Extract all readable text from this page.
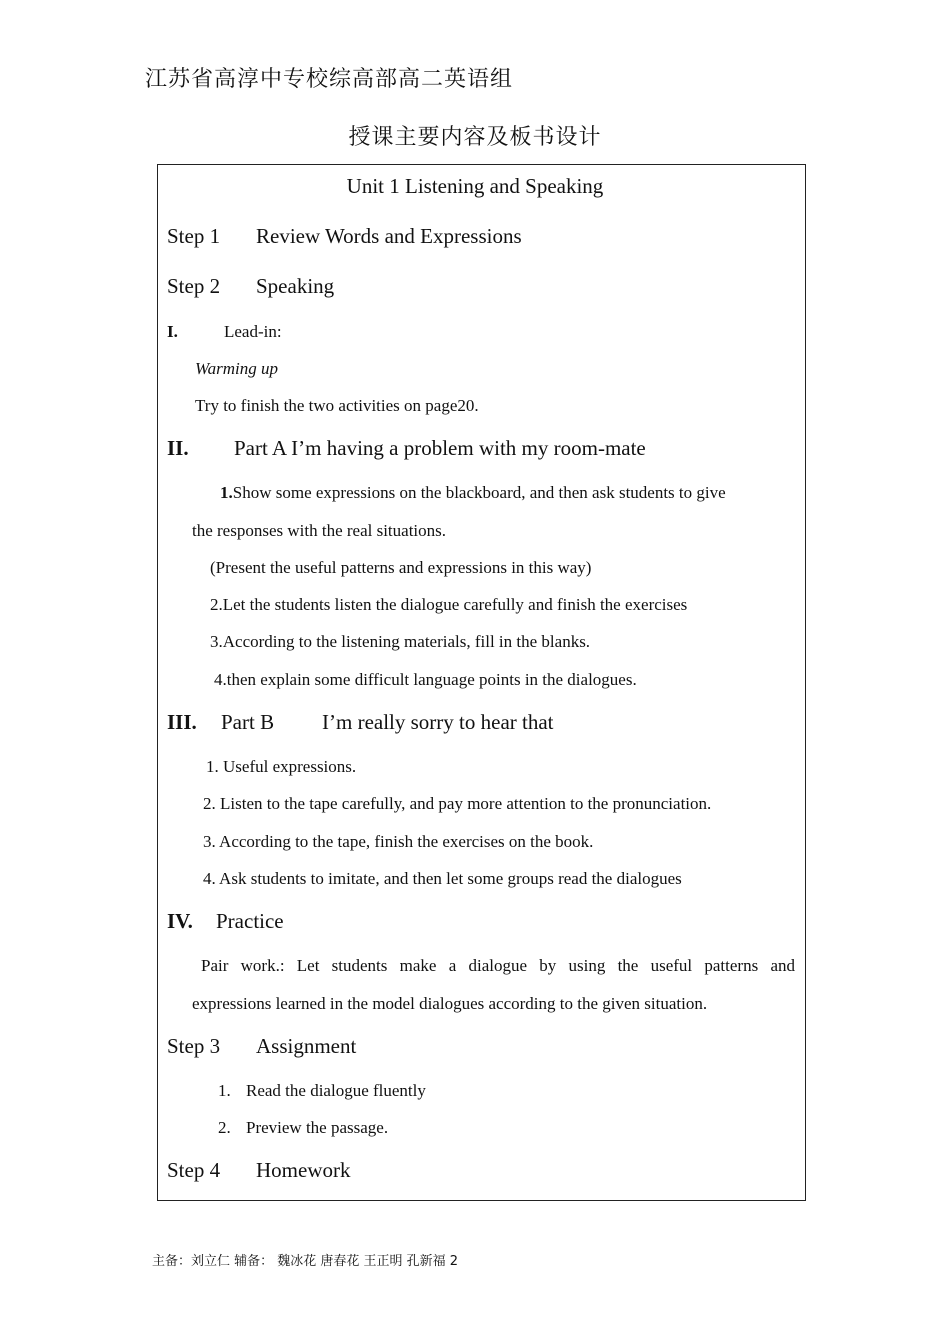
江苏省高淳中专校综高部高二英语组
授课主要内容及板书设计
Unit 1 Listening and Speaking
Step 1 Review Words and Expressions
Step 2 Speaking
I.	Lead-in:
Warming up
Try to finish the two activities on page20.
II. Part A I’m having a problem with my room-mate
1.Show some expressions on the blackboard, and then ask students to give
the responses with the real situations.
(Present the useful patterns and expressions in this way)
2.Let the students listen the dialogue carefully and finish the exercises
3.According to the listening materials, fill in the blanks.
4.then explain some difficult language points in the dialogues.
III. Part B I’m really sorry to hear that
1. Useful expressions.
2. Listen to the tape carefully, and pay more attention to the pronunciation.
3. According to the tape, finish the exercises on the book.
4. Ask students to imitate, and then let some groups read the dialogues
IV. Practice
Pair work.: Let students make a dialogue by using the useful patterns and
expressions learned in the model dialogues according to the given situation.
Step 3 Assignment
1. Read the dialogue fluently
2. Preview the passage.
Step 4 Homework
主备：刘立仁 辅备： 魏冰花 唐春花 王正明 孔新福 2
